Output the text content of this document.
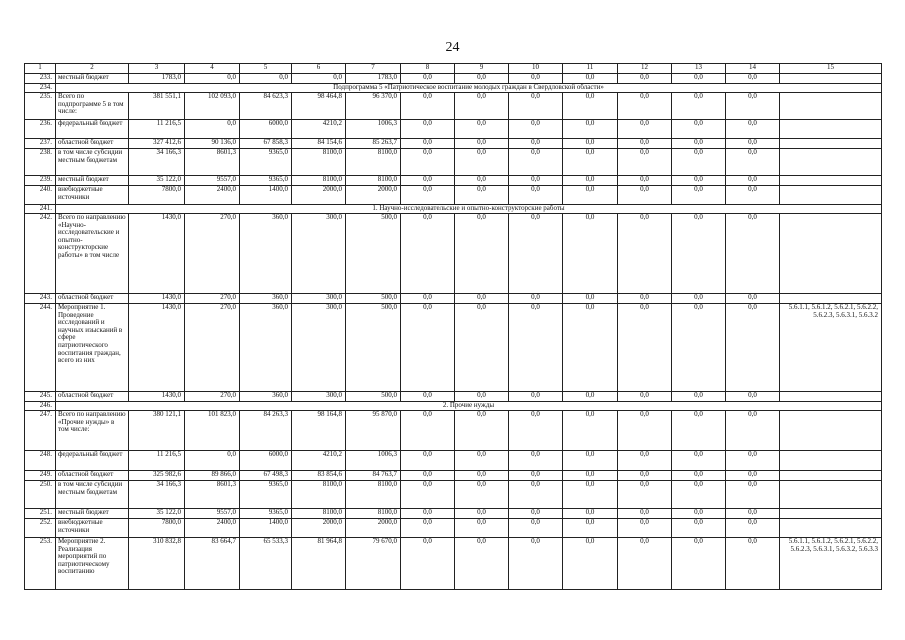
24
1	2	3	4	5	6	7	8	9	10	11	12	13	14	15
233.	местный бюджет	1783,0	0,0	0,0	0,0	1783,0	0,0	0,0	0,0	0,0	0,0	0,0	0,0	
234.	Подпрограмма 5 «Патриотическое воспитание молодых граждан в Свердловской области»													
235.	Всего по подпрограмме 5 в том числе:	381 551,1	102 093,0	84 623,3	98 464,8	96 370,0	0,0	0,0	0,0	0,0	0,0	0,0	0,0	
236.	федеральный бюджет	11 216,5	0,0	6000,0	4210,2	1006,3	0,0	0,0	0,0	0,0	0,0	0,0	0,0	
237.	областной бюджет	327 412,6	90 136,0	67 858,3	84 154,6	85 263,7	0,0	0,0	0,0	0,0	0,0	0,0	0,0	
238.	в том числе субсидии местным бюджетам	34 166,3	8601,3	9365,0	8100,0	8100,0	0,0	0,0	0,0	0,0	0,0	0,0	0,0	
239.	местный бюджет	35 122,0	9557,0	9365,0	8100,0	8100,0	0,0	0,0	0,0	0,0	0,0	0,0	0,0	
240.	внебюджетные источники	7800,0	2400,0	1400,0	2000,0	2000,0	0,0	0,0	0,0	0,0	0,0	0,0	0,0	
241.	1. Научно-исследовательские и опытно-конструкторские работы													
242.	Всего по направлению «Научно-исследовательские и опытно-конструкторские работы» в том числе	1430,0	270,0	360,0	300,0	500,0	0,0	0,0	0,0	0,0	0,0	0,0	0,0	
243.	областной бюджет	1430,0	270,0	360,0	300,0	500,0	0,0	0,0	0,0	0,0	0,0	0,0	0,0	
244.	Мероприятие 1. Проведение исследований и научных изысканий в сфере патриотического воспитания граждан, всего из них	1430,0	270,0	360,0	300,0	500,0	0,0	0,0	0,0	0,0	0,0	0,0	0,0	5.6.1.1, 5.6.1.2, 5.6.2.1, 5.6.2.2, 5.6.2.3, 5.6.3.1, 5.6.3.2
245.	областной бюджет	1430,0	270,0	360,0	300,0	500,0	0,0	0,0	0,0	0,0	0,0	0,0	0,0	
246.	2. Прочие нужды													
247.	Всего по направлению «Прочие нужды» в том числе:	380 121,1	101 823,0	84 263,3	98 164,8	95 870,0	0,0	0,0	0,0	0,0	0,0	0,0	0,0	
248.	федеральный бюджет	11 216,5	0,0	6000,0	4210,2	1006,3	0,0	0,0	0,0	0,0	0,0	0,0	0,0	
249.	областной бюджет	325 982,6	89 866,0	67 498,3	83 854,6	84 763,7	0,0	0,0	0,0	0,0	0,0	0,0	0,0	
250.	в том числе субсидии местным бюджетам	34 166,3	8601,3	9365,0	8100,0	8100,0	0,0	0,0	0,0	0,0	0,0	0,0	0,0	
251.	местный бюджет	35 122,0	9557,0	9365,0	8100,0	8100,0	0,0	0,0	0,0	0,0	0,0	0,0	0,0	
252.	внебюджетные источники	7800,0	2400,0	1400,0	2000,0	2000,0	0,0	0,0	0,0	0,0	0,0	0,0	0,0	
253.	Мероприятие 2. Реализация мероприятий по патриотическому воспитанию	310 832,8	83 664,7	65 533,3	81 964,8	79 670,0	0,0	0,0	0,0	0,0	0,0	0,0	0,0	5.6.1.1, 5.6.1.2, 5.6.2.1, 5.6.2.2, 5.6.2.3, 5.6.3.1, 5.6.3.2, 5.6.3.3
